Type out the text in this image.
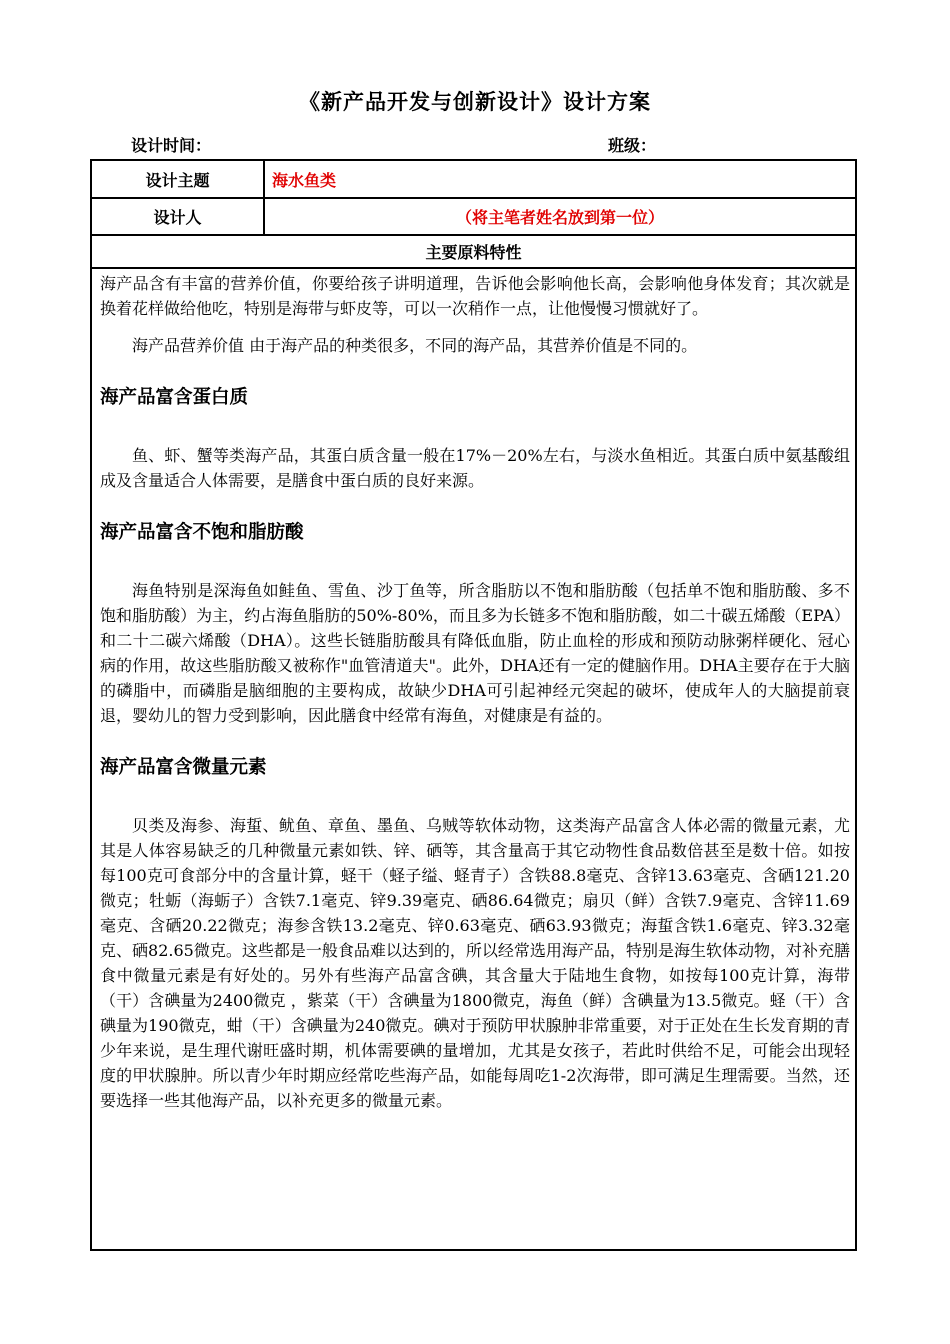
《新产品开发与创新设计》设计方案
设计时间：	班级：
设计主题	海水鱼类
设计人	（将主笔者姓名放到第一位）
主要原料特性

海产品含有丰富的营养价值，你要给孩子讲明道理，告诉他会影响他长高，会影响他身体发育；其次就是换着花样做给他吃，特别是海带与虾皮等，可以一次稍作一点，让他慢慢习惯就好了。

海产品营养价值 由于海产品的种类很多，不同的海产品，其营养价值是不同的。

海产品富含蛋白质

鱼、虾、蟹等类海产品，其蛋白质含量一般在17%－20%左右，与淡水鱼相近。其蛋白质中氨基酸组成及含量适合人体需要，是膳食中蛋白质的良好来源。

海产品富含不饱和脂肪酸

海鱼特别是深海鱼如鲑鱼、雪鱼、沙丁鱼等，所含脂肪以不饱和脂肪酸（包括单不饱和脂肪酸、多不饱和脂肪酸）为主，约占海鱼脂肪的50%-80%，而且多为长链多不饱和脂肪酸，如二十碳五烯酸（EPA）和二十二碳六烯酸（DHA）。这些长链脂肪酸具有降低血脂，防止血栓的形成和预防动脉粥样硬化、冠心病的作用，故这些脂肪酸又被称作"血管清道夫"。此外，DHA还有一定的健脑作用。DHA主要存在于大脑的磷脂中，而磷脂是脑细胞的主要构成，故缺少DHA可引起神经元突起的破坏，使成年人的大脑提前衰退，婴幼儿的智力受到影响，因此膳食中经常有海鱼，对健康是有益的。

海产品富含微量元素

贝类及海参、海蜇、鱿鱼、章鱼、墨鱼、乌贼等软体动物，这类海产品富含人体必需的微量元素，尤其是人体容易缺乏的几种微量元素如铁、锌、硒等，其含量高于其它动物性食品数倍甚至是数十倍。如按每100克可食部分中的含量计算，蛏干（蛏子缢、蛏青子）含铁88.8毫克、含锌13.63毫克、含硒121.20微克；牡蛎（海蛎子）含铁7.1毫克、锌9.39毫克、硒86.64微克；扇贝（鲜）含铁7.9毫克、含锌11.69毫克、含硒20.22微克；海参含铁13.2毫克、锌0.63毫克、硒63.93微克；海蜇含铁1.6毫克、锌3.32毫克、硒82.65微克。这些都是一般食品难以达到的，所以经常选用海产品，特别是海生软体动物，对补充膳食中微量元素是有好处的。另外有些海产品富含碘，其含量大于陆地生食物，如按每100克计算，海带（干）含碘量为2400微克 ，紫菜（干）含碘量为1800微克，海鱼（鲜）含碘量为13.5微克。蛏（干）含碘量为190微克，蚶（干）含碘量为240微克。碘对于预防甲状腺肿非常重要，对于正处在生长发育期的青少年来说，是生理代谢旺盛时期，机体需要碘的量增加，尤其是女孩子，若此时供给不足，可能会出现轻度的甲状腺肿。所以青少年时期应经常吃些海产品，如能每周吃1-2次海带，即可满足生理需要。当然，还要选择一些其他海产品，以补充更多的微量元素。
